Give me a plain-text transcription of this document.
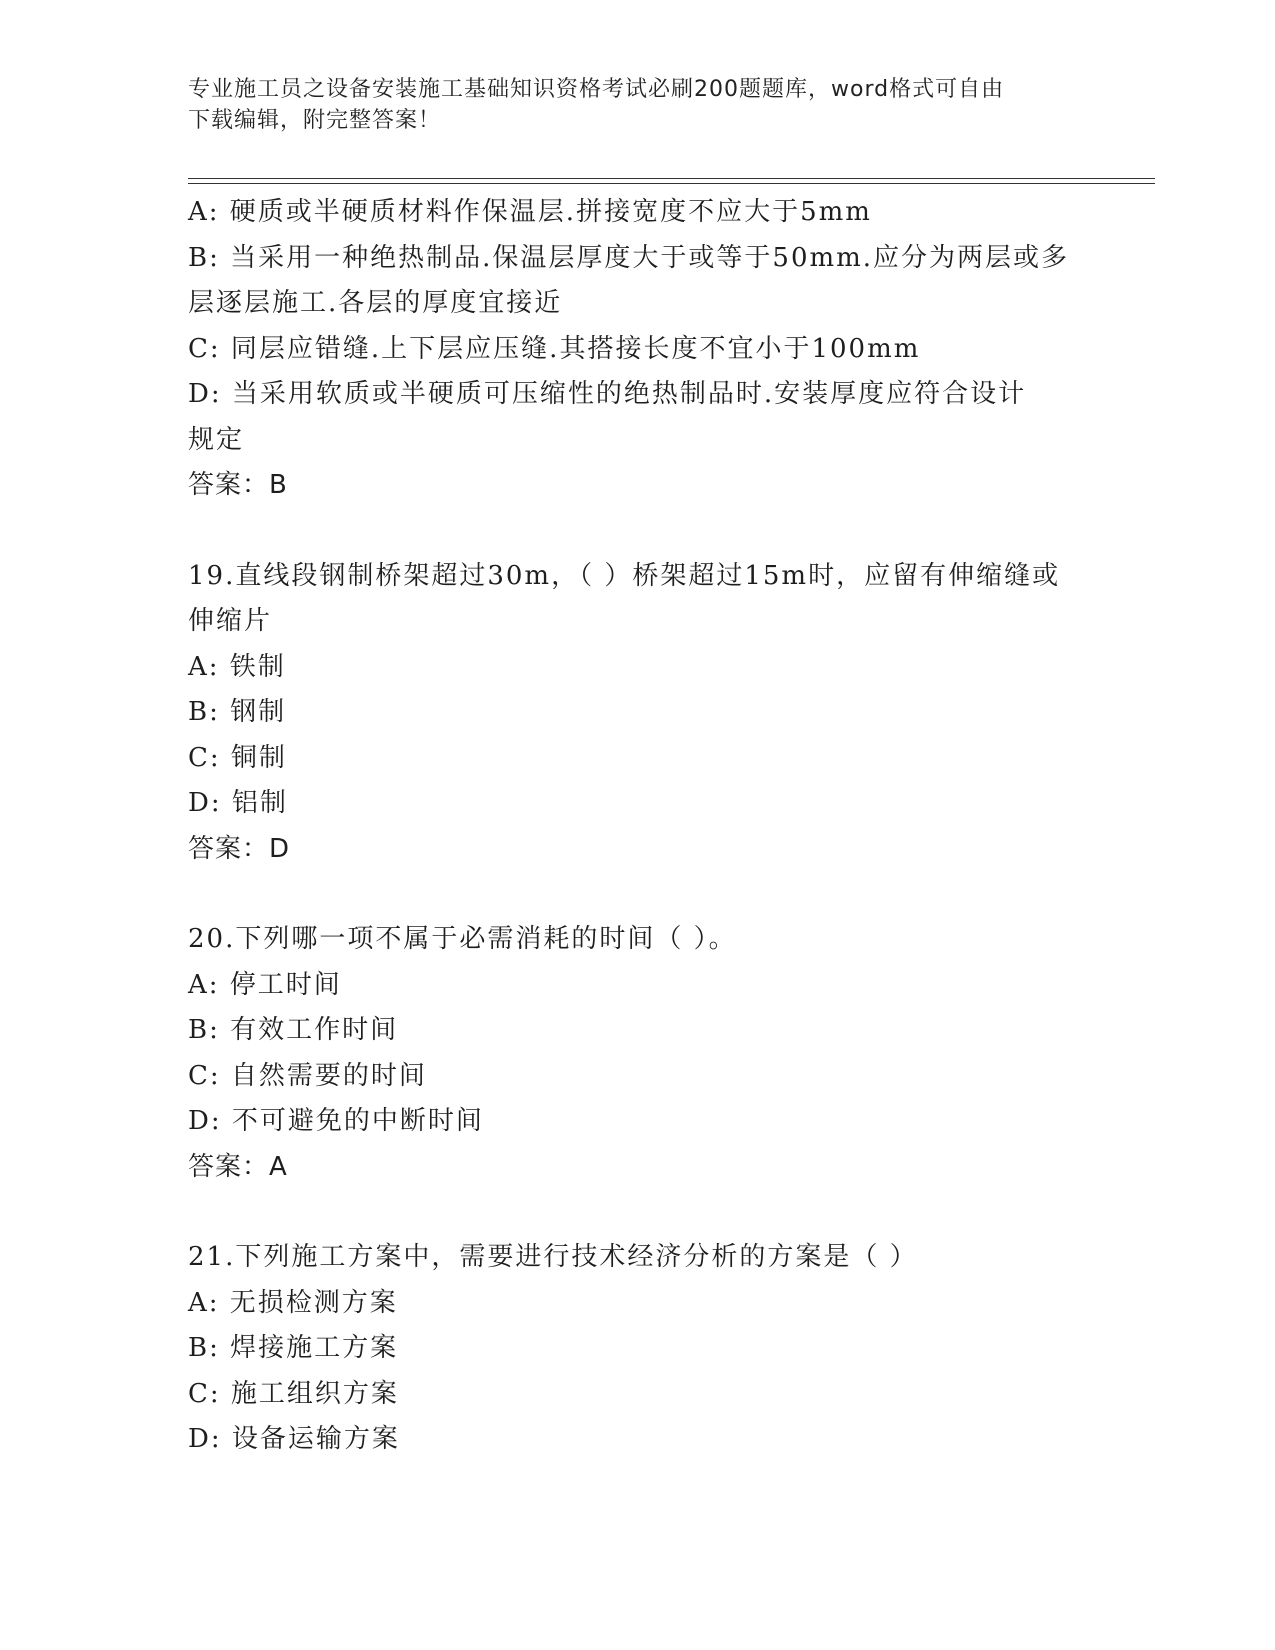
专业施工员之设备安装施工基础知识资格考试必刷200题题库，word格式可自由
下载编辑，附完整答案！
A: 硬质或半硬质材料作保温层.拼接宽度不应大于5mm
B: 当采用一种绝热制品.保温层厚度大于或等于50mm.应分为两层或多
层逐层施工.各层的厚度宜接近
C: 同层应错缝.上下层应压缝.其搭接长度不宜小于100mm
D: 当采用软质或半硬质可压缩性的绝热制品时.安装厚度应符合设计
规定
答案：B
19.直线段钢制桥架超过30m，（ ）桥架超过15m时，应留有伸缩缝或
伸缩片
A: 铁制
B: 钢制
C: 铜制
D: 铝制
答案：D
20.下列哪一项不属于必需消耗的时间（ ）。
A: 停工时间
B: 有效工作时间
C: 自然需要的时间
D: 不可避免的中断时间
答案：A
21.下列施工方案中，需要进行技术经济分析的方案是（ ）
A: 无损检测方案
B: 焊接施工方案
C: 施工组织方案
D: 设备运输方案
